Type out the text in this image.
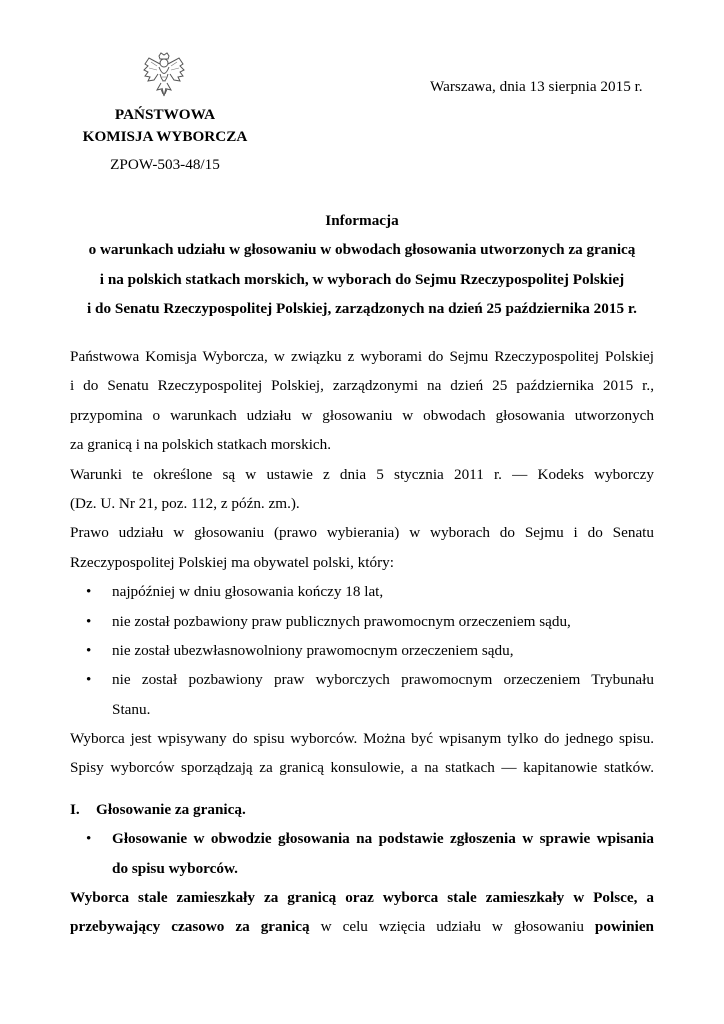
Warszawa, dnia 13 sierpnia 2015 r.
PAŃSTWOWA
KOMISJA WYBORCZA
ZPOW-503-48/15
Informacja
o warunkach udziału w głosowaniu w obwodach głosowania utworzonych za granicą
i na polskich statkach morskich, w wyborach do Sejmu Rzeczypospolitej Polskiej
i do Senatu Rzeczypospolitej Polskiej, zarządzonych na dzień 25 października 2015 r.

Państwowa Komisja Wyborcza, w związku z wyborami do Sejmu Rzeczypospolitej Polskiej

i do Senatu Rzeczypospolitej Polskiej, zarządzonymi na dzień 25 października 2015 r.,

przypomina o warunkach udziału w głosowaniu w obwodach głosowania utworzonych

za granicą i na polskich statkach morskich.

Warunki te określone są w ustawie z dnia 5 stycznia 2011 r. — Kodeks wyborczy

(Dz. U. Nr 21, poz. 112, z późn. zm.).

Prawo udziału w głosowaniu (prawo wybierania) w wyborach do Sejmu i do Senatu

Rzeczypospolitej Polskiej ma obywatel polski, który:

• najpóźniej w dniu głosowania kończy 18 lat,

• nie został pozbawiony praw publicznych prawomocnym orzeczeniem sądu,

• nie został ubezwłasnowolniony prawomocnym orzeczeniem sądu,

• nie został pozbawiony praw wyborczych prawomocnym orzeczeniem Trybunału

Stanu.

Wyborca jest wpisywany do spisu wyborców. Można być wpisanym tylko do jednego spisu.

Spisy wyborców sporządzają za granicą konsulowie, a na statkach — kapitanowie statków.

I. Głosowanie za granicą.
• Głosowanie w obwodzie głosowania na podstawie zgłoszenia w sprawie wpisania

do spisu wyborców.

Wyborca stale zamieszkały za granicą oraz wyborca stale zamieszkały w Polsce, a

przebywający czasowo za granicą w celu wzięcia udziału w głosowaniu powinien
